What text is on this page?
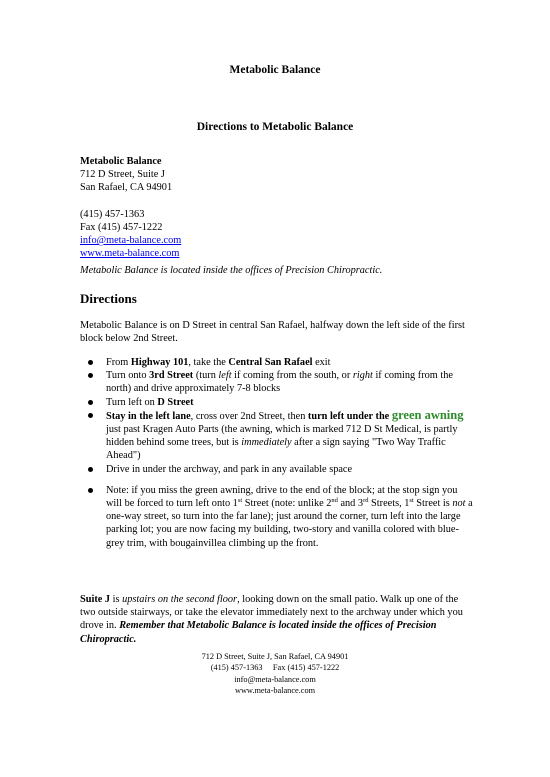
Metabolic Balance
Directions to Metabolic Balance
Metabolic Balance
712 D Street, Suite J
San Rafael, CA 94901
(415) 457-1363
Fax (415) 457-1222
info@meta-balance.com
www.meta-balance.com
Metabolic Balance is located inside the offices of Precision Chiropractic.
Directions
Metabolic Balance is on D Street in central San Rafael, halfway down the left side of the first block below 2nd Street.
From Highway 101, take the Central San Rafael exit
Turn onto 3rd Street (turn left if coming from the south, or right if coming from the north) and drive approximately 7-8 blocks
Turn left on D Street
Stay in the left lane, cross over 2nd Street, then turn left under the green awning just past Kragen Auto Parts (the awning, which is marked 712 D St Medical, is partly hidden behind some trees, but is immediately after a sign saying "Two Way Traffic Ahead")
Drive in under the archway, and park in any available space
Note: if you miss the green awning, drive to the end of the block; at the stop sign you will be forced to turn left onto 1st Street (note: unlike 2nd and 3rd Streets, 1st Street is not a one-way street, so turn into the far lane); just around the corner, turn left into the large parking lot; you are now facing my building, two-story and vanilla colored with blue-grey trim, with bougainvillea climbing up the front.
Suite J is upstairs on the second floor, looking down on the small patio. Walk up one of the two outside stairways, or take the elevator immediately next to the archway under which you drove in. Remember that Metabolic Balance is located inside the offices of Precision Chiropractic.
712 D Street, Suite J, San Rafael, CA 94901
(415) 457-1363     Fax (415) 457-1222
info@meta-balance.com
www.meta-balance.com
